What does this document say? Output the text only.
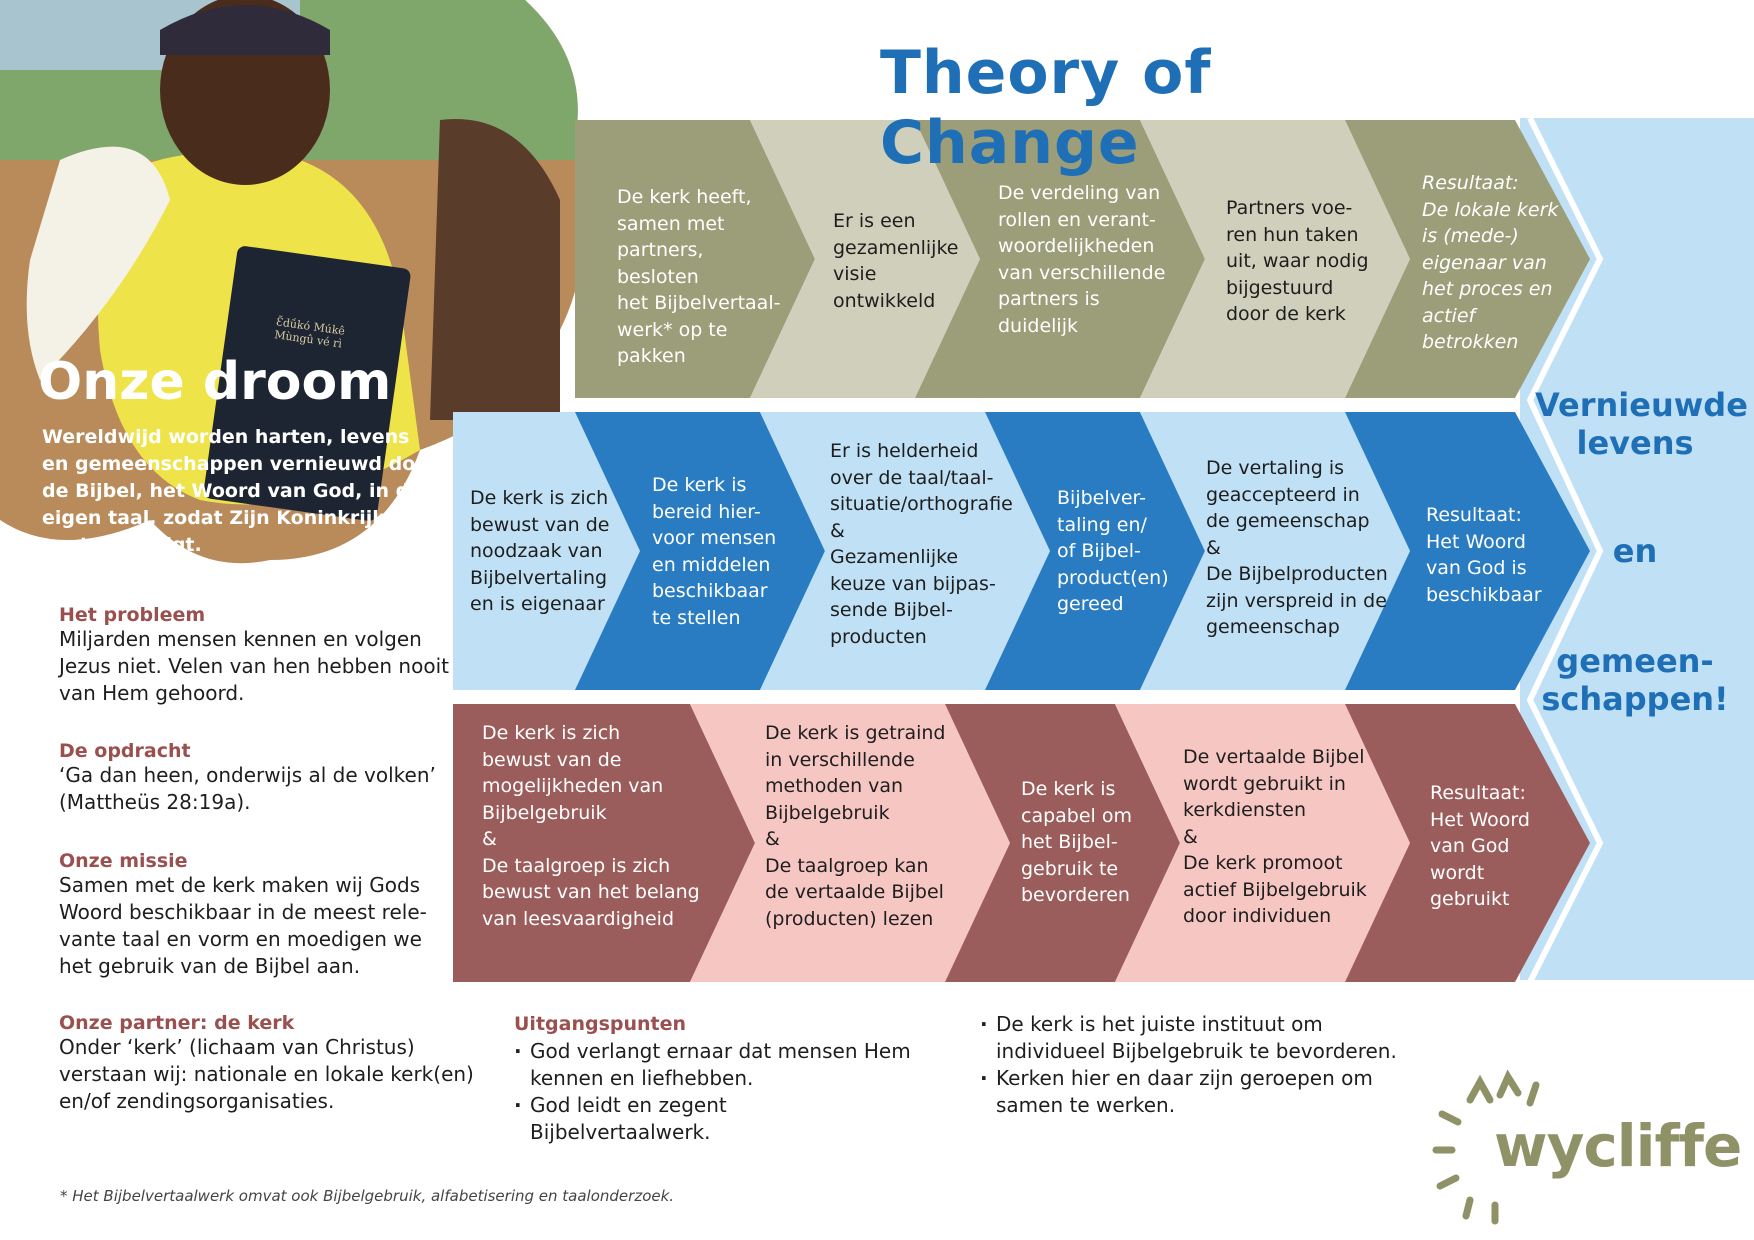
Theory of Change
Onze droom
Wereldwijd worden harten, levens en gemeenschappen vernieuwd door de Bijbel, het Woord van God, in de eigen taal, zodat Zijn Koninkrijk gestalte krijgt.
Ɛ̃dṹkó Múkê Mùngû vé rì
De kerk heeft,
samen met
partners, besloten
het Bijbelvertaal-
werk* op te
pakken
Er is een
gezamenlijke
visie
ontwikkeld
De verdeling van
rollen en verant-
woordelijkheden
van verschillende
partners is
duidelijk
Partners voe-
ren hun taken
uit, waar nodig
bijgestuurd
door de kerk
Resultaat:
De lokale kerk
is (mede-)
eigenaar van
het proces en
actief
betrokken
De kerk is zich
bewust van de
noodzaak van
Bijbelvertaling
en is eigenaar
De kerk is
bereid hier-
voor mensen
en middelen
beschikbaar
te stellen
Er is helderheid
over de taal/taal-
situatie/orthografie
&
Gezamenlijke
keuze van bijpas-
sende Bijbel-
producten
Bijbelver-
taling en/
of Bijbel-
product(en)
gereed
De vertaling is
geaccepteerd in
de gemeenschap
&
De Bijbelproducten
zijn verspreid in de
gemeenschap
Resultaat:
Het Woord
van God is
beschikbaar
De kerk is zich
bewust van de
mogelijkheden van
Bijbelgebruik
&
De taalgroep is zich
bewust van het belang
van leesvaardigheid
De kerk is getraind
in verschillende
methoden van
Bijbelgebruik
&
De taalgroep kan
de vertaalde Bijbel
(producten) lezen
De kerk is
capabel om
het Bijbel-
gebruik te
bevorderen
De vertaalde Bijbel
wordt gebruikt in
kerkdiensten
&
De kerk promoot
actief Bijbelgebruik
door individuen
Resultaat:
Het Woord
van God
wordt
gebruikt
Vernieuwde
levens
en
gemeen-
schappen!
Het probleem
Miljarden mensen kennen en volgen
Jezus niet. Velen van hen hebben nooit
van Hem gehoord.
De opdracht
‘Ga dan heen, onderwijs al de volken’
(Mattheüs 28:19a).
Onze missie
Samen met de kerk maken wij Gods
Woord beschikbaar in de meest rele-
vante taal en vorm en moedigen we
het gebruik van de Bijbel aan.
Onze partner: de kerk
Onder ‘kerk’ (lichaam van Christus)
verstaan wij: nationale en lokale kerk(en)
en/of zendingsorganisaties.
Uitgangspunten
· God verlangt ernaar dat mensen Hem kennen en liefhebben.
· God leidt en zegent Bijbelvertaalwerk.
· De kerk is het juiste instituut om individueel Bijbelgebruik te bevorderen.
· Kerken hier en daar zijn geroepen om samen te werken.
* Het Bijbelvertaalwerk omvat ook Bijbelgebruik, alfabetisering en taalonderzoek.
wycliffe
